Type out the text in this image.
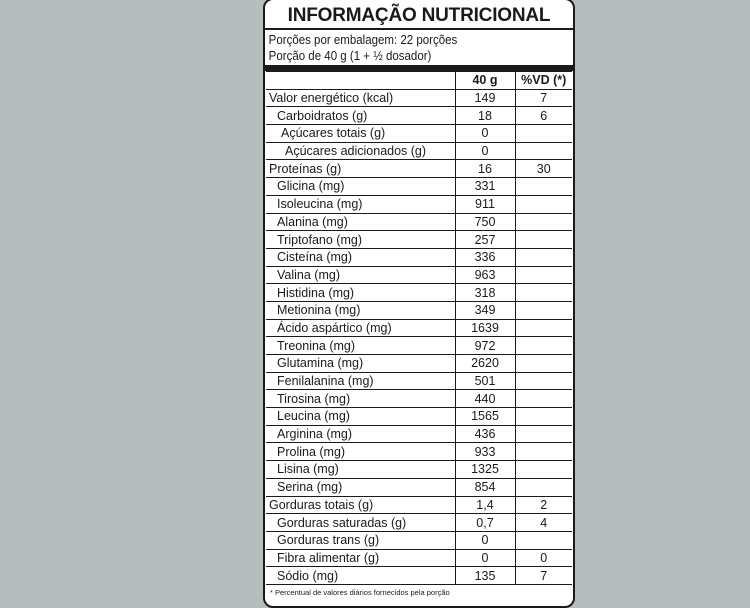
INFORMAÇÃO NUTRICIONAL
Porções por embalagem: 22 porções
Porção de 40 g (1 + ½ dosador)
	40 g	%VD (*)
Valor energético (kcal)	149	7
Carboidratos (g)	18	6
Açúcares totais (g)	0	
Açúcares adicionados (g)	0	
Proteínas (g)	16	30
Glicina (mg)	331	
Isoleucina (mg)	911	
Alanina (mg)	750	
Triptofano (mg)	257	
Cisteína (mg)	336	
Valina (mg)	963	
Histidina (mg)	318	
Metionina (mg)	349	
Ácido aspártico (mg)	1639	
Treonina (mg)	972	
Glutamina (mg)	2620	
Fenilalanina (mg)	501	
Tirosina (mg)	440	
Leucina (mg)	1565	
Arginina (mg)	436	
Prolina (mg)	933	
Lisina (mg)	1325	
Serina (mg)	854	
Gorduras totais (g)	1,4	2
Gorduras saturadas (g)	0,7	4
Gorduras trans (g)	0	
Fibra alimentar (g)	0	0
Sódio (mg)	135	7
* Percentual de valores diários fornecidos pela porção
